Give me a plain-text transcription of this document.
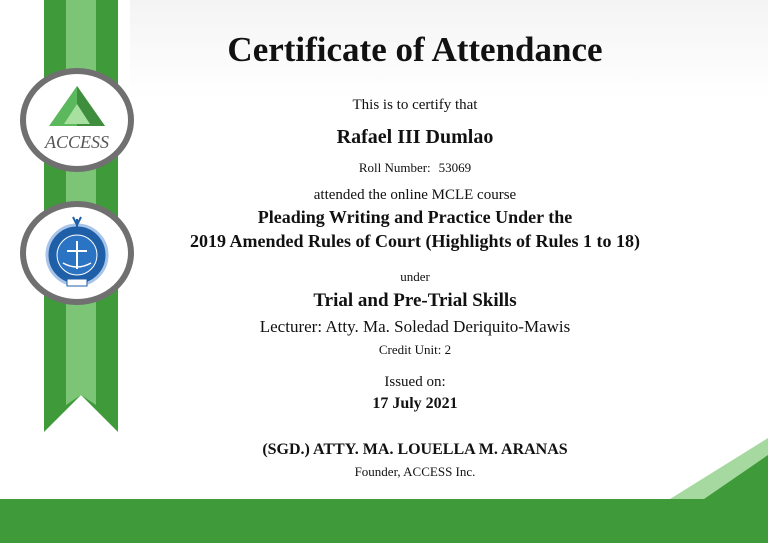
ACCESS
Certificate of Attendance
This is to certify that
Rafael III Dumlao
Roll Number: 53069
attended the online MCLE course
Pleading Writing and Practice Under the
2019 Amended Rules of Court (Highlights of Rules 1 to 18)
under
Trial and Pre-Trial Skills
Lecturer: Atty. Ma. Soledad Deriquito-Mawis
Credit Unit: 2
Issued on:
17 July 2021
(SGD.) ATTY. MA. LOUELLA M. ARANAS
Founder, ACCESS Inc.
